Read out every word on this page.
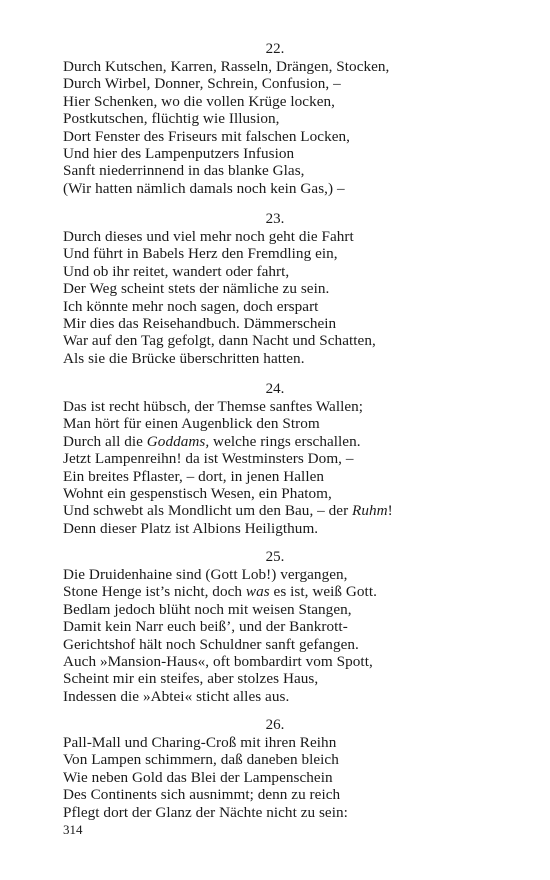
22.
Durch Kutschen, Karren, Rasseln, Drängen, Stocken,
Durch Wirbel, Donner, Schrein, Confusion, –
Hier Schenken, wo die vollen Krüge locken,
Postkutschen, flüchtig wie Illusion,
Dort Fenster des Friseurs mit falschen Locken,
Und hier des Lampenputzers Infusion
Sanft niederrinnend in das blanke Glas,
(Wir hatten nämlich damals noch kein Gas,) –
23.
Durch dieses und viel mehr noch geht die Fahrt
Und führt in Babels Herz den Fremdling ein,
Und ob ihr reitet, wandert oder fahrt,
Der Weg scheint stets der nämliche zu sein.
Ich könnte mehr noch sagen, doch erspart
Mir dies das Reisehandbuch. Dämmerschein
War auf den Tag gefolgt, dann Nacht und Schatten,
Als sie die Brücke überschritten hatten.
24.
Das ist recht hübsch, der Themse sanftes Wallen;
Man hört für einen Augenblick den Strom
Durch all die Goddams, welche rings erschallen.
Jetzt Lampenreihn! da ist Westminsters Dom, –
Ein breites Pflaster, – dort, in jenen Hallen
Wohnt ein gespenstisch Wesen, ein Phatom,
Und schwebt als Mondlicht um den Bau, – der Ruhm!
Denn dieser Platz ist Albions Heiligthum.
25.
Die Druidenhaine sind (Gott Lob!) vergangen,
Stone Henge ist’s nicht, doch was es ist, weiß Gott.
Bedlam jedoch blüht noch mit weisen Stangen,
Damit kein Narr euch beiß’, und der Bankrott-
Gerichtshof hält noch Schuldner sanft gefangen.
Auch »Mansion-Haus«, oft bombardirt vom Spott,
Scheint mir ein steifes, aber stolzes Haus,
Indessen die »Abtei« sticht alles aus.
26.
Pall-Mall und Charing-Croß mit ihren Reihn
Von Lampen schimmern, daß daneben bleich
Wie neben Gold das Blei der Lampenschein
Des Continents sich ausnimmt; denn zu reich
Pflegt dort der Glanz der Nächte nicht zu sein:
314
